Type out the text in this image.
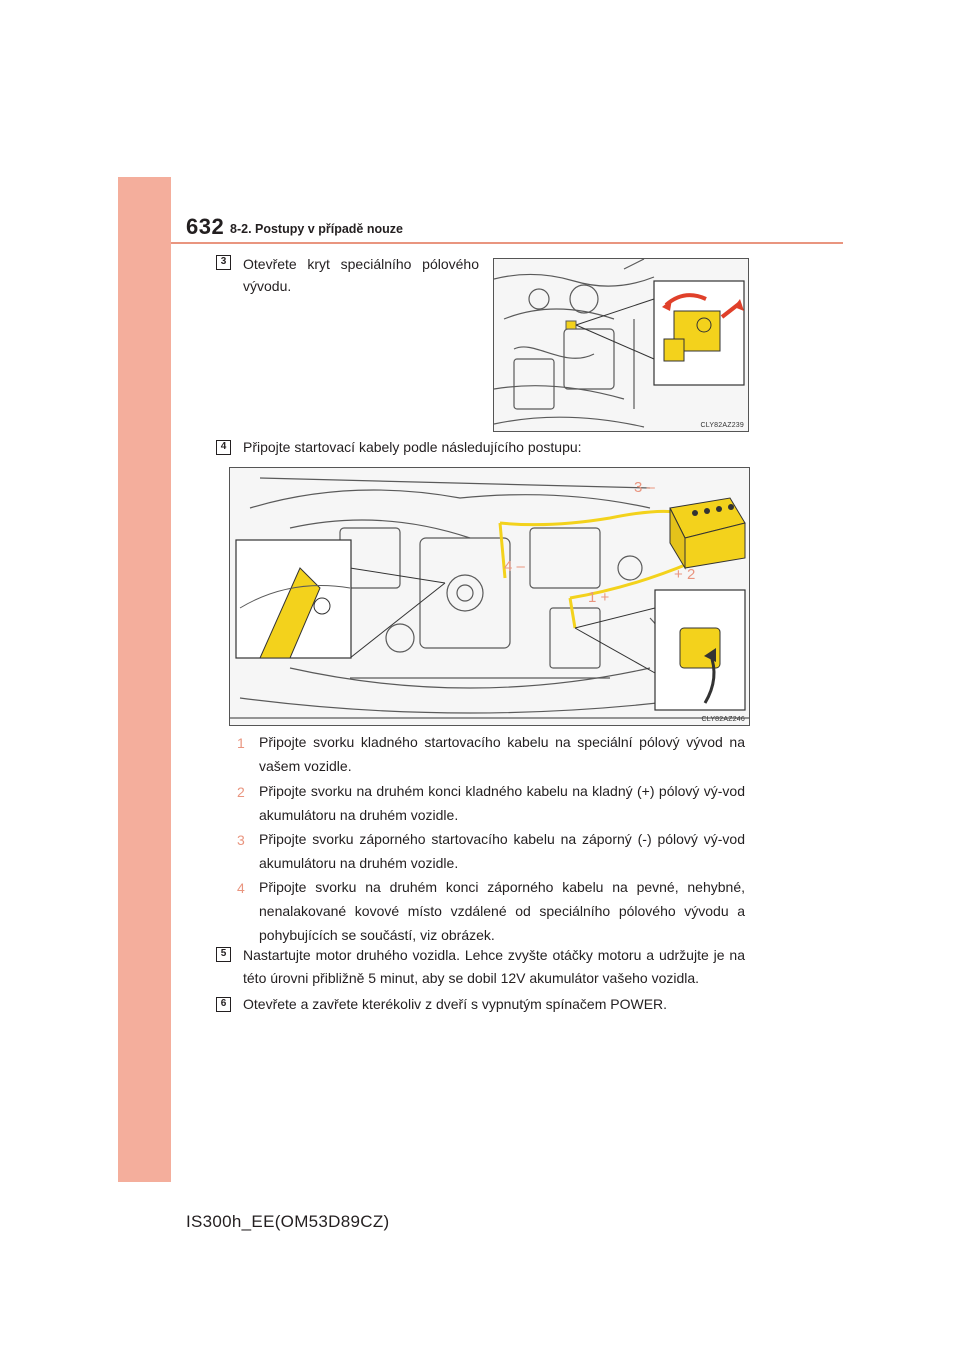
632 8-2. Postupy v případě nouze
3	Otevřete kryt speciálního pólového vývodu.
CLY82AZ239
4	Připojte startovací kabely podle následujícího postupu:
3 –
4 –
1 +
+ 2
CLY82AZ246
1 Připojte svorku kladného startovacího kabelu na speciální pólový vývod na vašem vozidle.
2 Připojte svorku na druhém konci kladného kabelu na kladný (+) pólový vý-vod akumulátoru na druhém vozidle.
3 Připojte svorku záporného startovacího kabelu na záporný (-) pólový vý-vod akumulátoru na druhém vozidle.
4 Připojte svorku na druhém konci záporného kabelu na pevné, nehybné, nenalakované kovové místo vzdálené od speciálního pólového vývodu a pohybujících se součástí, viz obrázek.
5	Nastartujte motor druhého vozidla. Lehce zvyšte otáčky motoru a udržujte je na této úrovni přibližně 5 minut, aby se dobil 12V akumulátor vašeho vozidla.
6	Otevřete a zavřete kterékoliv z dveří s vypnutým spínačem POWER.
IS300h_EE(OM53D89CZ)
